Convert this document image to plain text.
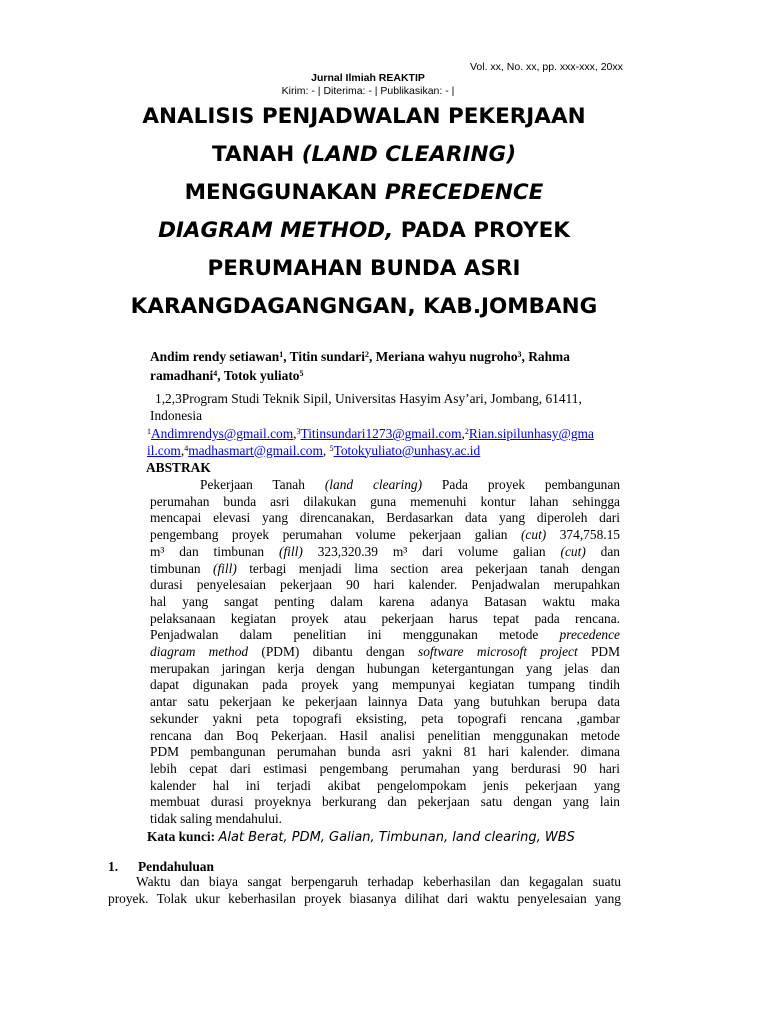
Vol. xx, No. xx, pp. xxx-xxx, 20xx
Jurnal Ilmiah REAKTIP
Kirim: - | Diterima: - | Publikasikan: - |
ANALISIS PENJADWALAN PEKERJAAN
TANAH (LAND CLEARING)
MENGGUNAKAN PRECEDENCE
DIAGRAM METHOD, PADA PROYEK
PERUMAHAN BUNDA ASRI
KARANGDAGANGNGAN, KAB.JOMBANG
Andim rendy setiawan$^1$, Titin sundari$^2$, Meriana wahyu nugroho$^3$, Rahma ramadhani$^4$, Totok yuliato$^5$
1,2,3Program Studi Teknik Sipil, Universitas Hasyim Asy’ari, Jombang, 61411,
Indonesia
$^1$Andimrendys@gmail.com,$^3$Titinsundari1273@gmail.com,$^2$Rian.sipilunhasy@gma
il.com,$^4$madhasmart@gmail.com, $^5$Totokyuliato@unhasy.ac.id
ABSTRAK
Pekerjaan Tanah (land clearing) Pada proyek pembangunan
perumahan bunda asri dilakukan guna memenuhi kontur lahan sehingga
mencapai elevasi yang direncanakan, Berdasarkan data yang diperoleh dari
pengembang proyek perumahan volume pekerjaan galian (cut) 374,758.15
m³ dan timbunan (fill) 323,320.39 m³ dari volume galian (cut) dan
timbunan (fill) terbagi menjadi lima section area pekerjaan tanah dengan
durasi penyelesaian pekerjaan 90 hari kalender. Penjadwalan merupahkan
hal yang sangat penting dalam karena adanya Batasan waktu maka
pelaksanaan kegiatan proyek atau pekerjaan harus tepat pada rencana.
Penjadwalan dalam penelitian ini menggunakan metode precedence
diagram method (PDM) dibantu dengan software microsoft project PDM
merupakan jaringan kerja dengan hubungan ketergantungan yang jelas dan
dapat digunakan pada proyek yang mempunyai kegiatan tumpang tindih
antar satu pekerjaan ke pekerjaan lainnya Data yang butuhkan berupa data
sekunder yakni peta topografi eksisting, peta topografi rencana ,gambar
rencana dan Boq Pekerjaan. Hasil analisi penelitian menggunakan metode
PDM pembangunan perumahan bunda asri yakni 81 hari kalender. dimana
lebih cepat dari estimasi pengembang perumahan yang berdurasi 90 hari
kalender hal ini terjadi akibat pengelompokam jenis pekerjaan yang
membuat durasi proyeknya berkurang dan pekerjaan satu dengan yang lain
tidak saling mendahului.
Kata kunci: Alat Berat, PDM, Galian, Timbunan, land clearing, WBS
1. Pendahuluan
Waktu dan biaya sangat berpengaruh terhadap keberhasilan dan kegagalan suatu
proyek. Tolak ukur keberhasilan proyek biasanya dilihat dari waktu penyelesaian yang
